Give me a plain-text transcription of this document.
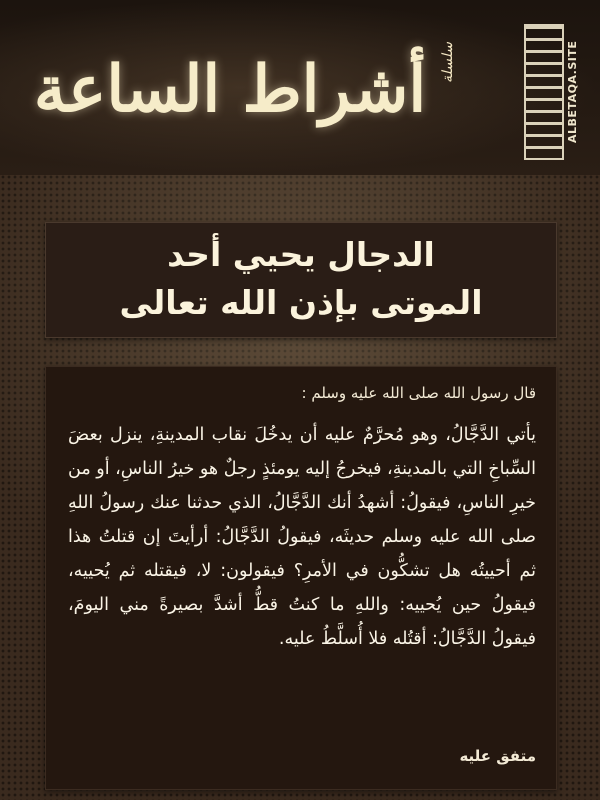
أشراط الساعة سلسلة	ALBETAQA.SITE
الدجال يحيي أحد
الموتى بإذن الله تعالى
قال رسول الله صلى الله عليه وسلم :
يأتي الدَّجَّالُ، وهو مُحرَّمٌ عليه أن يدخُلَ نقاب المدينةِ، ينزل بعضَ السِّباخِ التي بالمدينةِ، فيخرجُ إليه يومئذٍ رجلٌ هو خيرُ الناسِ، أو من خيرِ الناسِ، فيقولُ: أشهدُ أنك الدَّجَّالُ، الذي حدثنا عنك رسولُ اللهِ صلى الله عليه وسلم حديثَه، فيقولُ الدَّجَّالُ: أرأيتَ إن قتلتُ هذا ثم أحييتُه هل تشكُّون في الأمرِ؟ فيقولون: لا، فيقتله ثم يُحييه، فيقولُ حين يُحييه: واللهِ ما كنتُ قطُّ أشدَّ بصيرةً مني اليومَ، فيقولُ الدَّجَّالُ: أقتُله فلا أُسلَّطُ عليه.
متفق عليه
